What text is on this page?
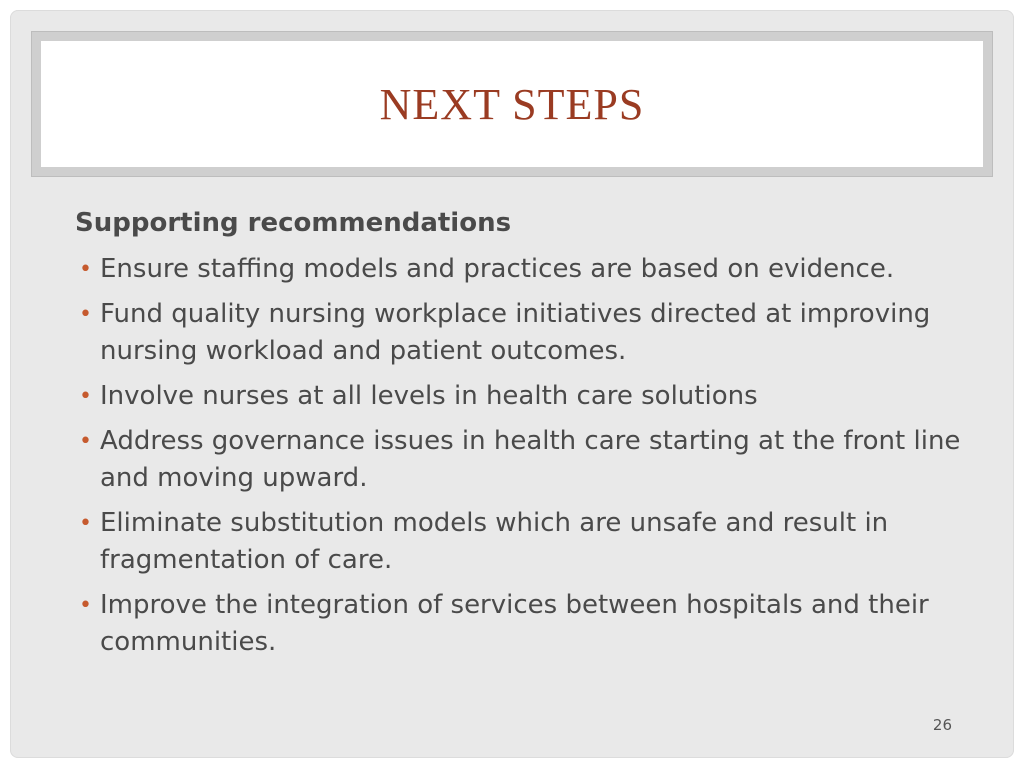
NEXT STEPS

Supporting recommendations

• Ensure staffing models and practices are based on evidence.
• Fund quality nursing workplace initiatives directed at improving nursing workload and patient outcomes.
• Involve nurses at all levels in health care solutions
• Address governance issues in health care starting at the front line and moving upward.
• Eliminate substitution models which are unsafe and result in fragmentation of care.
• Improve the integration of services between hospitals and their communities.
26
